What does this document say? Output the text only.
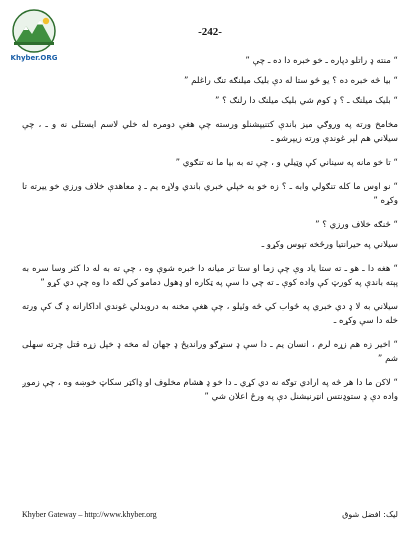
Khyber.ORG
-242-

“ منته ډ راتلو دپاره ـ خو خبره دا ده ـ چې ”

“ بيا څه خبره ده ؟ يو څو ستا له دې بليک ميلنګه تنګ راغلم ”

“ بليک ميلنګ ـ ؟ ډ کوم شي بليک ميلنګ دا رلنګ ؟ ”

مخامخ ورته په وروګي ميز باندې کتنيپشنلو ورسته چې هغې دومره له خلي لاسم ايستلى نه و ـ ، چې سيلاني هم لېر غوندې ورته زيپرشو ـ

“ تا خو مانه په سيناني کې وټيلي و ، چې ته به بيا ما نه تنګوي ”

“ نو اوس ما کله تنګولي وابه ـ ؟ زه خو به خپلي خبري باندي ولاړه يم ـ ډ معاهدې خلاف ورزي خو ييرته تا وکړه ”

“ څنګه خلاف ورزي ؟ ”

سيلاني په حيرانتيا ورځخه تپوس وکړو ـ

“ هغه دا ـ هو ـ ته ستا ياد وې چې زما او ستا تر ميانه دا خبره شوې وه ، چې ته به له دا کثر وسا سره به پېته باندې په کورټ کې واده کوې ـ ته چي دا سې په ټکاره او ډهول دمامو کي لګه دا وه چې دي کړو ”

سيلاني به لا ډ دي خبري په ځواب کي څه وئيلو ، چې هغې مخنه به دروبدلي غوندي اداکارانه ډ ګ کې ورته خله دا سې وکړه ـ

“ اخير زه هم زړه لرم ، انسان يم ـ دا سې ډ ستړګو ورانديځ ډ جهان له مخه ډ خپل زړه قتل چرته سهلی شم ”

“ لاکن ما دا هر څه په ارادي توګه نه دي کړي ـ دا خو ډ هشام مخلوف او ډاکټر سکاټ خوښه وه ، چې زموږ واده دې ډ ستوډنتس انټرنيشنل دې په ورځ اعلان شي ”

Khyber Gateway – http://www.khyber.org	لیک: افضل شوق
